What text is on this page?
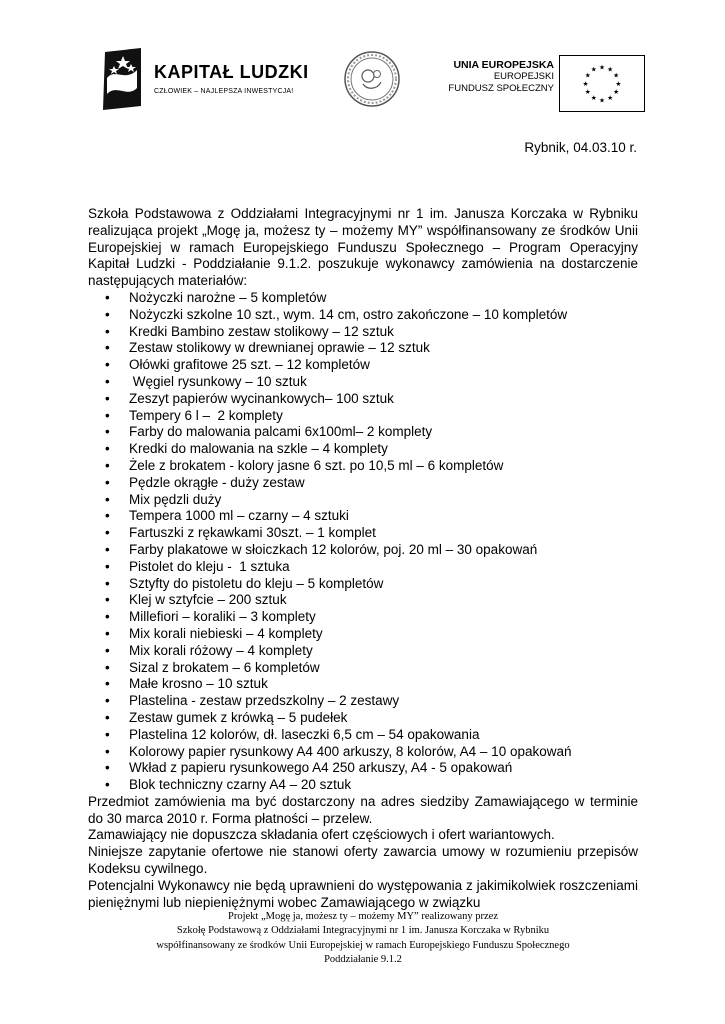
KAPITAŁ LUDZKI
CZŁOWIEK – NAJLEPSZA INWESTYCJA!
UNIA EUROPEJSKA
EUROPEJSKI
FUNDUSZ SPOŁECZNY	★
★
★
★
★
★
★
★
★ ★ ★
★
Rybnik, 04.03.10 r.

Szkoła Podstawowa z Oddziałami Integracyjnymi nr 1 im. Janusza Korczaka w Rybniku realizująca projekt „Mogę ja, możesz ty – możemy MY” współfinansowany ze środków Unii Europejskiej w ramach Europejskiego Funduszu Społecznego – Program Operacyjny Kapitał Ludzki - Poddziałanie 9.1.2. poszukuje wykonawcy zamówienia na dostarczenie następujących materiałów:

• Nożyczki narożne – 5 kompletów
• Nożyczki szkolne 10 szt., wym. 14 cm, ostro zakończone – 10 kompletów
• Kredki Bambino zestaw stolikowy – 12 sztuk
• Zestaw stolikowy w drewnianej oprawie – 12 sztuk
• Ołówki grafitowe 25 szt. – 12 kompletów
• Węgiel rysunkowy – 10 sztuk
• Zeszyt papierów wycinankowych– 100 sztuk
• Tempery 6 l –  2 komplety
• Farby do malowania palcami 6x100ml– 2 komplety
• Kredki do malowania na szkle – 4 komplety
• Żele z brokatem - kolory jasne 6 szt. po 10,5 ml – 6 kompletów
• Pędzle okrągłe - duży zestaw
• Mix pędzli duży
• Tempera 1000 ml – czarny – 4 sztuki
• Fartuszki z rękawkami 30szt. – 1 komplet
• Farby plakatowe w słoiczkach 12 kolorów, poj. 20 ml – 30 opakowań
• Pistolet do kleju -  1 sztuka
• Sztyfty do pistoletu do kleju – 5 kompletów
• Klej w sztyfcie – 200 sztuk
• Millefiori – koraliki – 3 komplety
• Mix korali niebieski – 4 komplety
• Mix korali różowy – 4 komplety
• Sizal z brokatem – 6 kompletów
• Małe krosno – 10 sztuk
• Plastelina - zestaw przedszkolny – 2 zestawy
• Zestaw gumek z krówką – 5 pudełek
• Plastelina 12 kolorów, dł. laseczki 6,5 cm – 54 opakowania
• Kolorowy papier rysunkowy A4 400 arkuszy, 8 kolorów, A4 – 10 opakowań
• Wkład z papieru rysunkowego A4 250 arkuszy, A4 - 5 opakowań
• Blok techniczny czarny A4 – 20 sztuk

Przedmiot zamówienia ma być dostarczony na adres siedziby Zamawiającego w terminie do 30 marca 2010 r. Forma płatności – przelew.

Zamawiający nie dopuszcza składania ofert częściowych i ofert wariantowych.

Niniejsze zapytanie ofertowe nie stanowi oferty zawarcia umowy w rozumieniu przepisów Kodeksu cywilnego.

Potencjalni Wykonawcy nie będą uprawnieni do występowania z jakimikolwiek roszczeniami pieniężnymi lub niepieniężnymi wobec Zamawiającego w związku

Projekt „Mogę ja, możesz ty – możemy MY” realizowany przez
Szkołę Podstawową z Oddziałami Integracyjnymi nr 1 im. Janusza Korczaka w Rybniku
współfinansowany ze środków Unii Europejskiej w ramach Europejskiego Funduszu Społecznego
Poddziałanie 9.1.2
